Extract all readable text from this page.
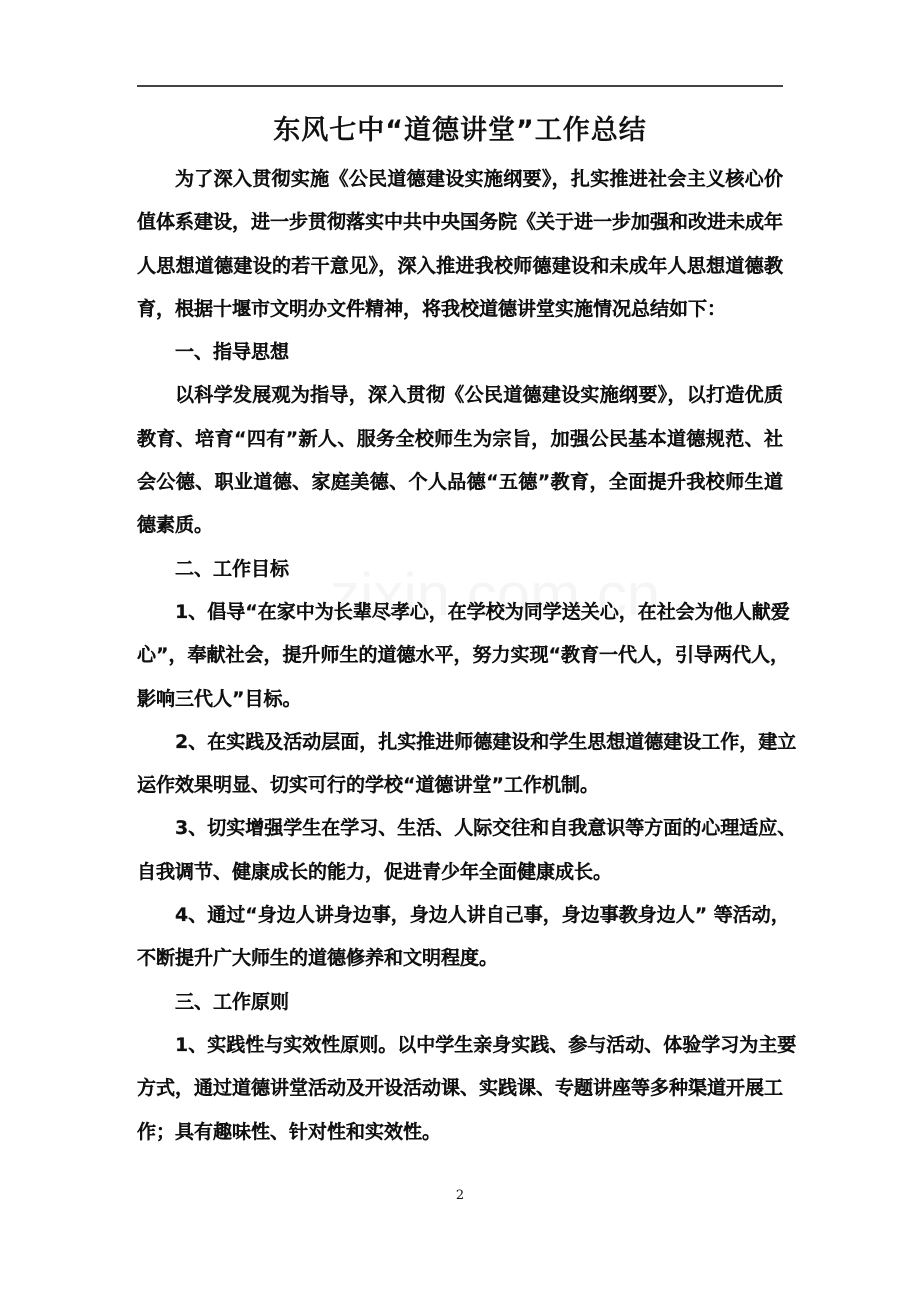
东风七中“道德讲堂”工作总结
为了深入贯彻实施《公民道德建设实施纲要》，扎实推进社会主义核心价
值体系建设，进一步贯彻落实中共中央国务院《关于进一步加强和改进未成年
人思想道德建设的若干意见》，深入推进我校师德建设和未成年人思想道德教
育，根据十堰市文明办文件精神，将我校道德讲堂实施情况总结如下：
一、指导思想
以科学发展观为指导，深入贯彻《公民道德建设实施纲要》，以打造优质
教育、培育“四有”新人、服务全校师生为宗旨，加强公民基本道德规范、社
会公德、职业道德、家庭美德、个人品德“五德”教育，全面提升我校师生道
德素质。
二、工作目标
1、倡导“在家中为长辈尽孝心，在学校为同学送关心，在社会为他人献爱
心”，奉献社会，提升师生的道德水平，努力实现“教育一代人，引导两代人，
影响三代人”目标。
2、在实践及活动层面，扎实推进师德建设和学生思想道德建设工作，建立
运作效果明显、切实可行的学校“道德讲堂”工作机制。
3、切实增强学生在学习、生活、人际交往和自我意识等方面的心理适应、
自我调节、健康成长的能力，促进青少年全面健康成长。
4、通过“身边人讲身边事，身边人讲自己事，身边事教身边人” 等活动，
不断提升广大师生的道德修养和文明程度。
三、工作原则
1、实践性与实效性原则。以中学生亲身实践、参与活动、体验学习为主要
方式，通过道德讲堂活动及开设活动课、实践课、专题讲座等多种渠道开展工
作；具有趣味性、针对性和实效性。
2
